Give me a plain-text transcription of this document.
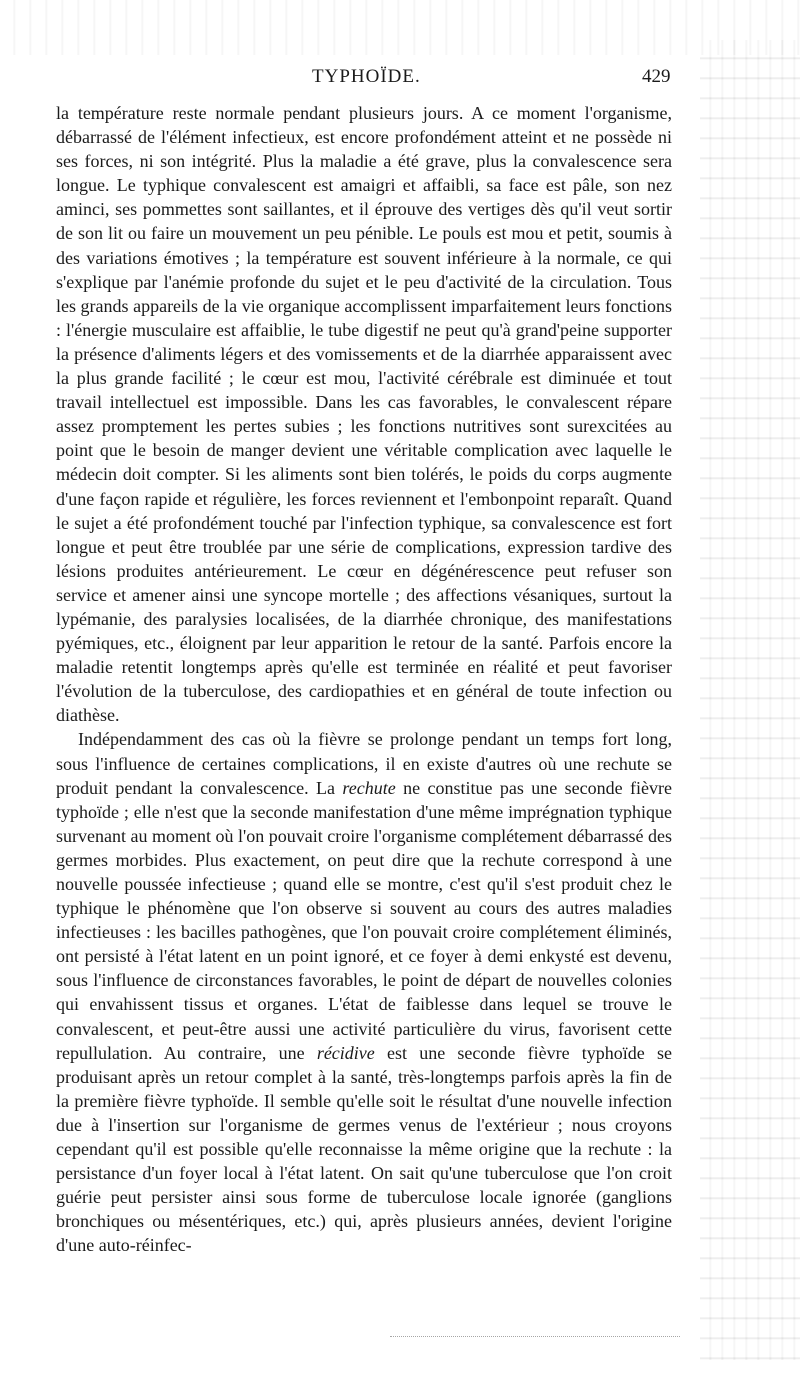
TYPHOÏDE.	429

la température reste normale pendant plusieurs jours. A ce moment l'organisme, débarrassé de l'élément infectieux, est encore profondément atteint et ne possède ni ses forces, ni son intégrité. Plus la maladie a été grave, plus la convalescence sera longue. Le typhique convalescent est amaigri et affaibli, sa face est pâle, son nez aminci, ses pommettes sont saillantes, et il éprouve des vertiges dès qu'il veut sortir de son lit ou faire un mouvement un peu pénible. Le pouls est mou et petit, soumis à des variations émotives ; la température est souvent inférieure à la normale, ce qui s'explique par l'anémie profonde du sujet et le peu d'activité de la circulation. Tous les grands appareils de la vie organique accomplissent imparfaitement leurs fonctions : l'énergie musculaire est affaiblie, le tube digestif ne peut qu'à grand'peine supporter la présence d'aliments légers et des vomissements et de la diarrhée apparaissent avec la plus grande facilité ; le cœur est mou, l'activité cérébrale est diminuée et tout travail intellectuel est impossible. Dans les cas favorables, le convalescent répare assez promptement les pertes subies ; les fonctions nutritives sont surexcitées au point que le besoin de manger devient une véritable complication avec laquelle le médecin doit compter. Si les aliments sont bien tolérés, le poids du corps augmente d'une façon rapide et régulière, les forces reviennent et l'embonpoint reparaît. Quand le sujet a été profondément touché par l'infection typhique, sa convalescence est fort longue et peut être troublée par une série de complications, expression tardive des lésions produites antérieurement. Le cœur en dégénérescence peut refuser son service et amener ainsi une syncope mortelle ; des affections vésaniques, surtout la lypémanie, des paralysies localisées, de la diarrhée chronique, des manifestations pyémiques, etc., éloignent par leur apparition le retour de la santé. Parfois encore la maladie retentit longtemps après qu'elle est terminée en réalité et peut favoriser l'évolution de la tuberculose, des cardiopathies et en général de toute infection ou diathèse.

Indépendamment des cas où la fièvre se prolonge pendant un temps fort long, sous l'influence de certaines complications, il en existe d'autres où une rechute se produit pendant la convalescence. La rechute ne constitue pas une seconde fièvre typhoïde ; elle n'est que la seconde manifestation d'une même imprégnation typhique survenant au moment où l'on pouvait croire l'organisme complétement débarrassé des germes morbides. Plus exactement, on peut dire que la rechute correspond à une nouvelle poussée infectieuse ; quand elle se montre, c'est qu'il s'est produit chez le typhique le phénomène que l'on observe si souvent au cours des autres maladies infectieuses : les bacilles pathogènes, que l'on pouvait croire complétement éliminés, ont persisté à l'état latent en un point ignoré, et ce foyer à demi enkysté est devenu, sous l'influence de circonstances favorables, le point de départ de nouvelles colonies qui envahissent tissus et organes. L'état de faiblesse dans lequel se trouve le convalescent, et peut-être aussi une activité particulière du virus, favorisent cette repullulation. Au contraire, une récidive est une seconde fièvre typhoïde se produisant après un retour complet à la santé, très-longtemps parfois après la fin de la première fièvre typhoïde. Il semble qu'elle soit le résultat d'une nouvelle infection due à l'insertion sur l'organisme de germes venus de l'extérieur ; nous croyons cependant qu'il est possible qu'elle reconnaisse la même origine que la rechute : la persistance d'un foyer local à l'état latent. On sait qu'une tuberculose que l'on croit guérie peut persister ainsi sous forme de tuberculose locale ignorée (ganglions bronchiques ou mésentériques, etc.) qui, après plusieurs années, devient l'origine d'une auto-réinfec-
